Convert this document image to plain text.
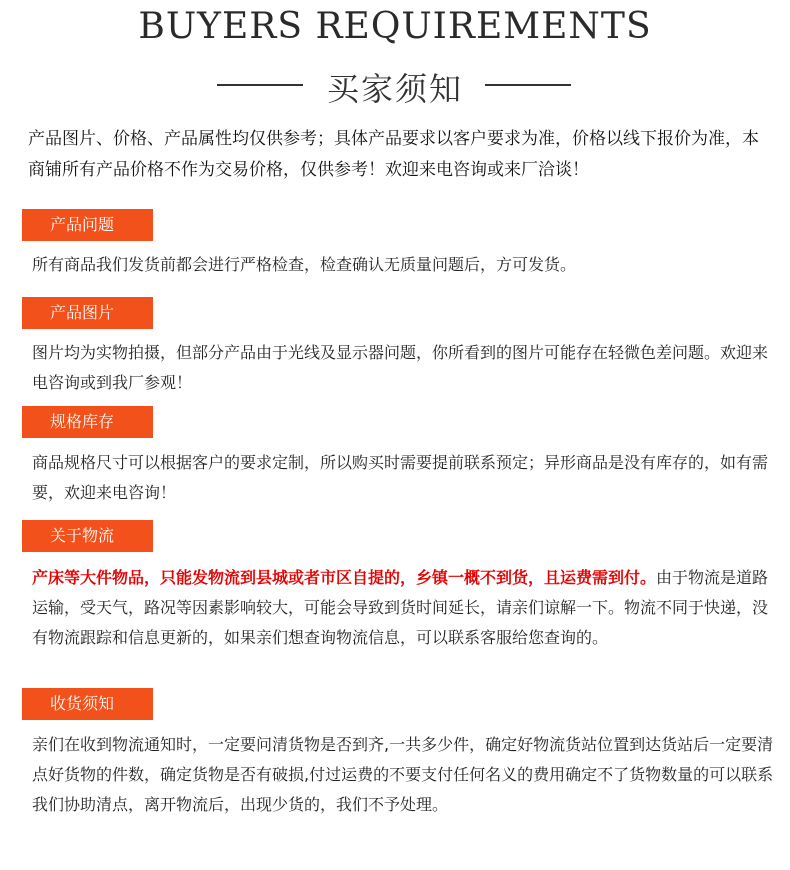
BUYERS REQUIREMENTS
买家须知
产品图片、价格、产品属性均仅供参考；具体产品要求以客户要求为准，价格以线下报价为准，本商铺所有产品价格不作为交易价格，仅供参考！欢迎来电咨询或来厂洽谈！
产品问题
所有商品我们发货前都会进行严格检查，检查确认无质量问题后，方可发货。
产品图片
图片均为实物拍摄，但部分产品由于光线及显示器问题，你所看到的图片可能存在轻微色差问题。欢迎来电咨询或到我厂参观！
规格库存
商品规格尺寸可以根据客户的要求定制，所以购买时需要提前联系预定；异形商品是没有库存的，如有需要，欢迎来电咨询！
关于物流
产床等大件物品，只能发物流到县城或者市区自提的，乡镇一概不到货，且运费需到付。由于物流是道路运输，受天气，路况等因素影响较大，可能会导致到货时间延长，请亲们谅解一下。物流不同于快递，没有物流跟踪和信息更新的，如果亲们想查询物流信息，可以联系客服给您查询的。
收货须知
亲们在收到物流通知时，一定要问清货物是否到齐,一共多少件，确定好物流货站位置到达货站后一定要清 点好货物的件数，确定货物是否有破损,付过运费的不要支付任何名义的费用确定不了货物数量的可以联系我们协助清点，离开物流后，出现少货的，我们不予处理。
